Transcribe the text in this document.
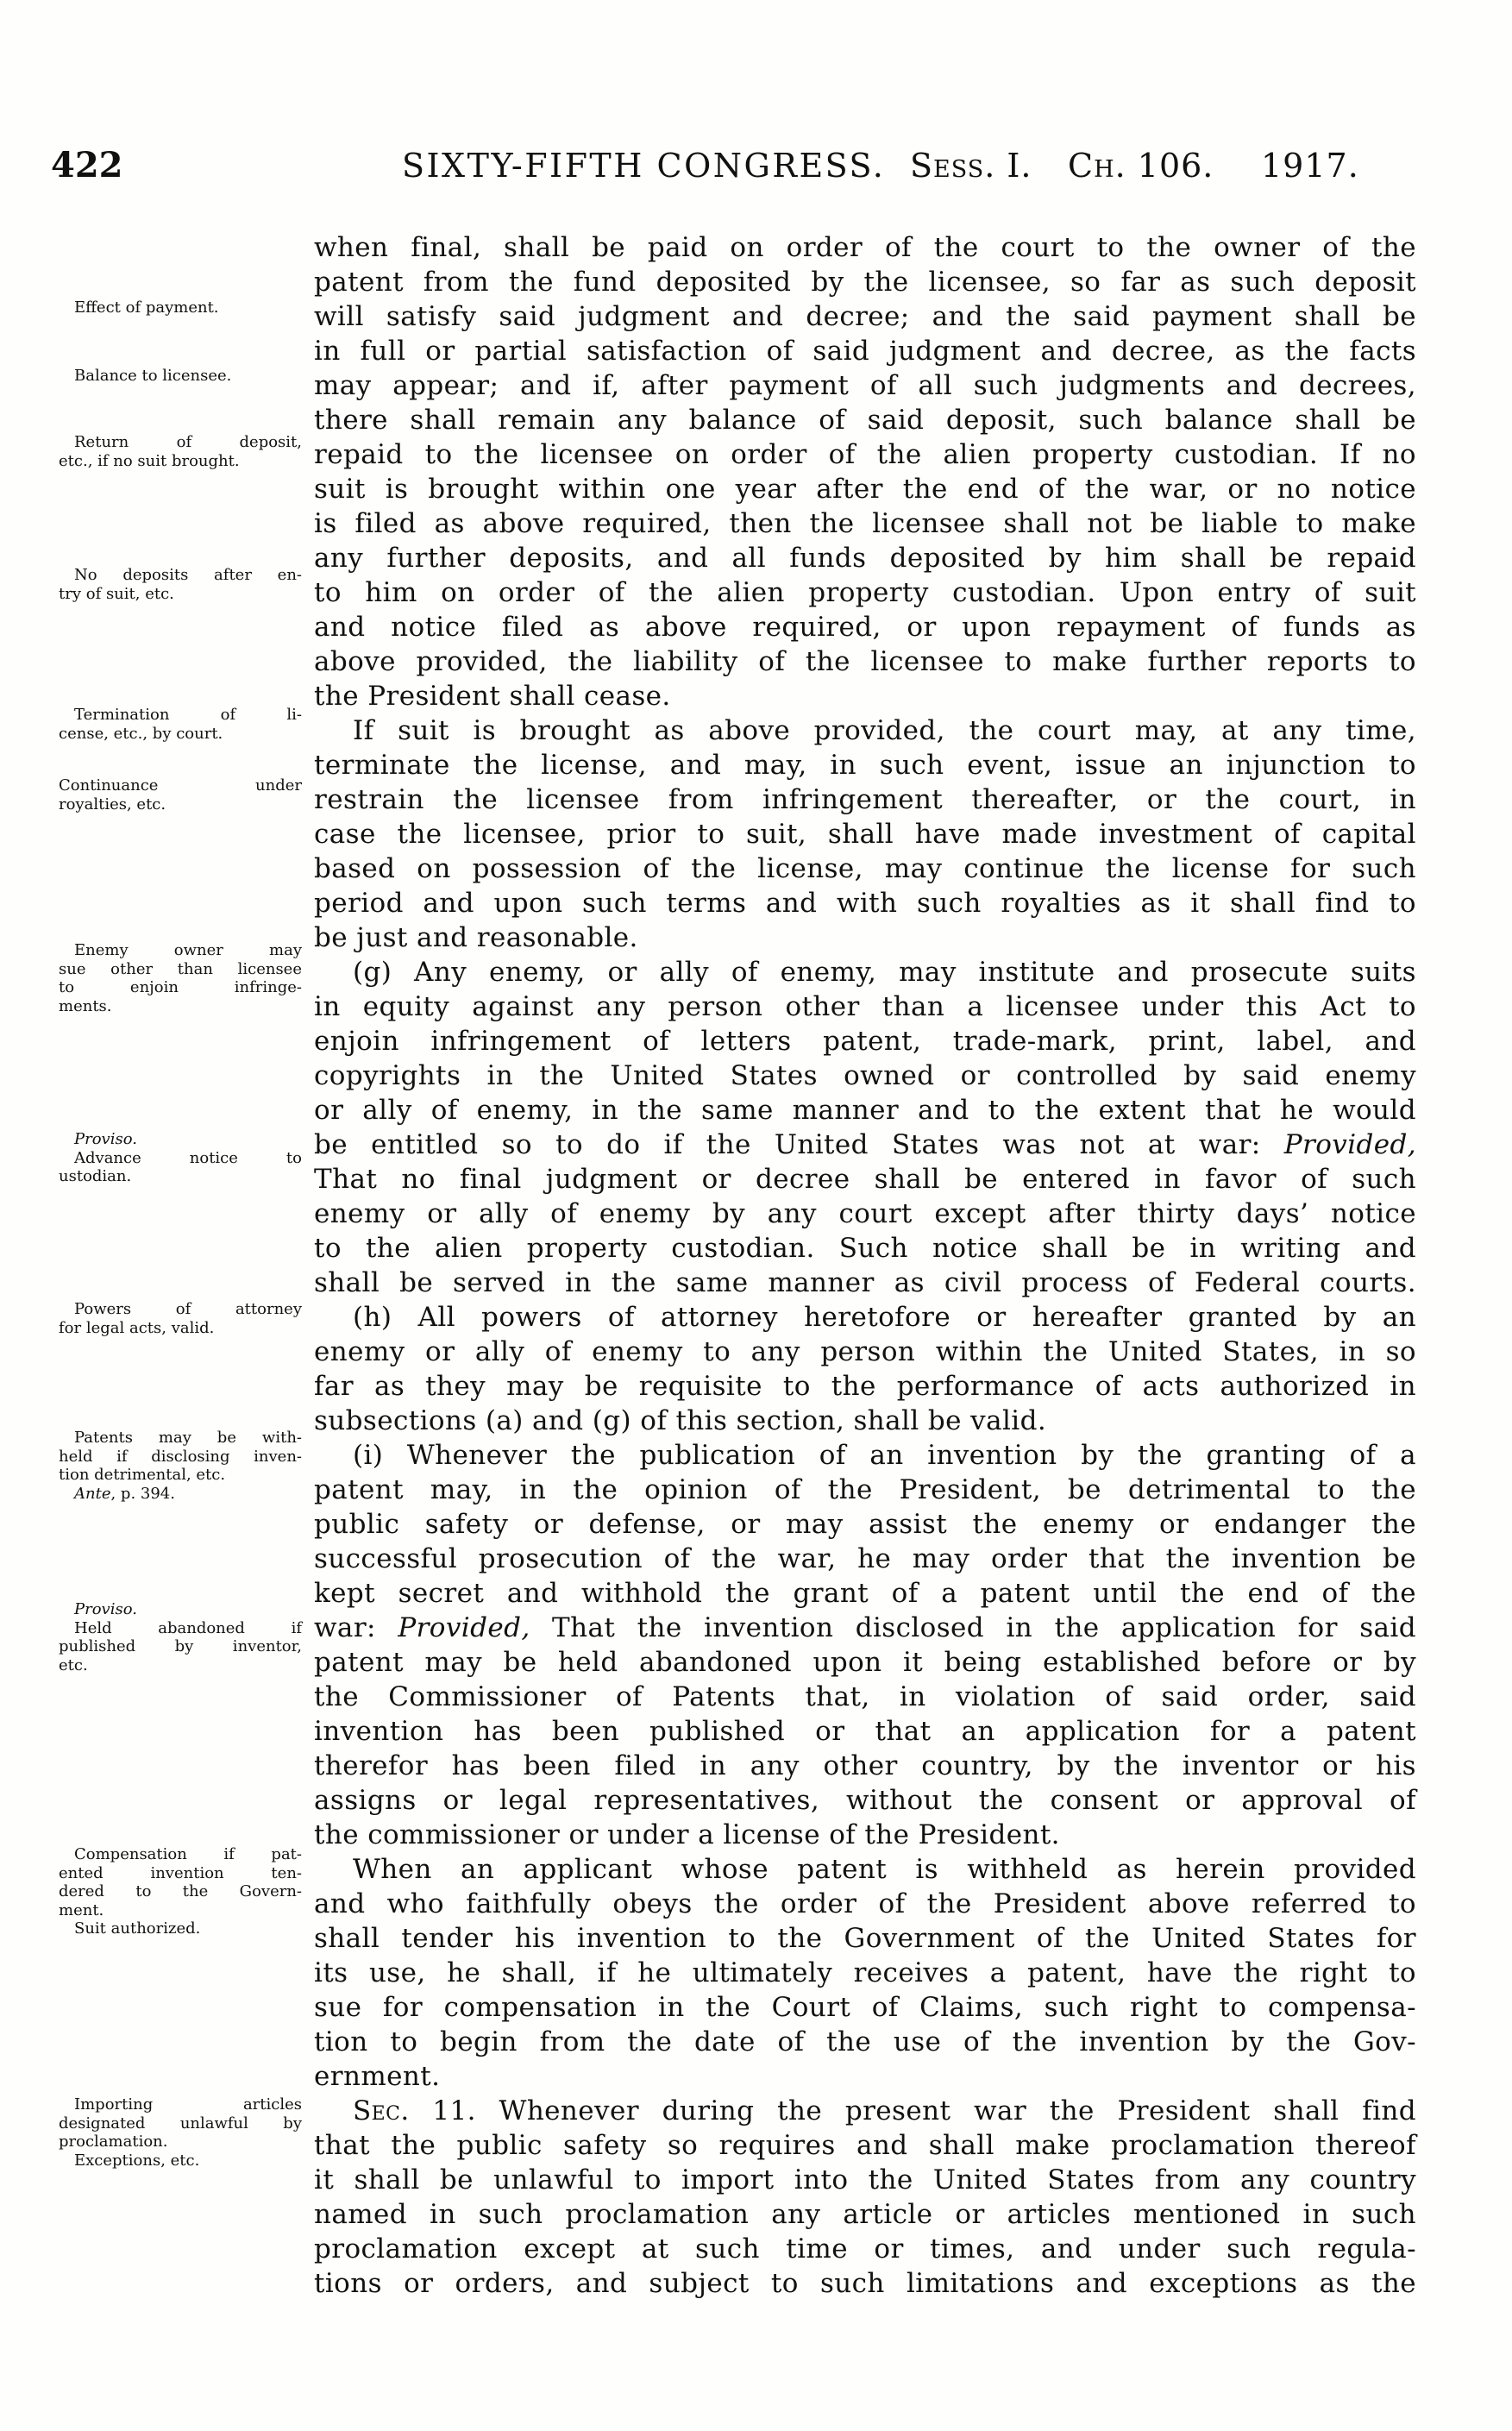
422	SIXTY-FIFTH CONGRESS. Sess. I. Ch. 106. 1917.
Effect of payment.
Balance to licensee.
Return of deposit,
etc., if no suit brought.
No deposits after en-
try of suit, etc.
Termination of li-
cense, etc., by court.
Continuance under
royalties, etc.
Enemy owner may
sue other than licensee
to enjoin infringe-
ments.
Proviso.
Advance notice to
ustodian.
Powers of attorney
for legal acts, valid.
Patents may be with-
held if disclosing inven-
tion detrimental, etc.
Ante, p. 394.
Proviso.
Held abandoned if
published by inventor,
etc.
Compensation if pat-
ented invention ten-
dered to the Govern-
ment.
Suit authorized.
Importing articles
designated unlawful by
proclamation.
Exceptions, etc.
when final, shall be paid on order of the court to the owner of the
patent from the fund deposited by the licensee, so far as such deposit
will satisfy said judgment and decree; and the said payment shall be
in full or partial satisfaction of said judgment and decree, as the facts
may appear; and if, after payment of all such judgments and decrees,
there shall remain any balance of said deposit, such balance shall be
repaid to the licensee on order of the alien property custodian. If no
suit is brought within one year after the end of the war, or no notice
is filed as above required, then the licensee shall not be liable to make
any further deposits, and all funds deposited by him shall be repaid
to him on order of the alien property custodian. Upon entry of suit
and notice filed as above required, or upon repayment of funds as
above provided, the liability of the licensee to make further reports to
the President shall cease.
If suit is brought as above provided, the court may, at any time,
terminate the license, and may, in such event, issue an injunction to
restrain the licensee from infringement thereafter, or the court, in
case the licensee, prior to suit, shall have made investment of capital
based on possession of the license, may continue the license for such
period and upon such terms and with such royalties as it shall find to
be just and reasonable.
(g) Any enemy, or ally of enemy, may institute and prosecute suits
in equity against any person other than a licensee under this Act to
enjoin infringement of letters patent, trade-mark, print, label, and
copyrights in the United States owned or controlled by said enemy
or ally of enemy, in the same manner and to the extent that he would
be entitled so to do if the United States was not at war: Provided,
That no final judgment or decree shall be entered in favor of such
enemy or ally of enemy by any court except after thirty days’ notice
to the alien property custodian. Such notice shall be in writing and
shall be served in the same manner as civil process of Federal courts.
(h) All powers of attorney heretofore or hereafter granted by an
enemy or ally of enemy to any person within the United States, in so
far as they may be requisite to the performance of acts authorized in
subsections (a) and (g) of this section, shall be valid.
(i) Whenever the publication of an invention by the granting of a
patent may, in the opinion of the President, be detrimental to the
public safety or defense, or may assist the enemy or endanger the
successful prosecution of the war, he may order that the invention be
kept secret and withhold the grant of a patent until the end of the
war: Provided, That the invention disclosed in the application for said
patent may be held abandoned upon it being established before or by
the Commissioner of Patents that, in violation of said order, said
invention has been published or that an application for a patent
therefor has been filed in any other country, by the inventor or his
assigns or legal representatives, without the consent or approval of
the commissioner or under a license of the President.
When an applicant whose patent is withheld as herein provided
and who faithfully obeys the order of the President above referred to
shall tender his invention to the Government of the United States for
its use, he shall, if he ultimately receives a patent, have the right to
sue for compensation in the Court of Claims, such right to compensa-
tion to begin from the date of the use of the invention by the Gov-
ernment.
Sec. 11. Whenever during the present war the President shall find
that the public safety so requires and shall make proclamation thereof
it shall be unlawful to import into the United States from any country
named in such proclamation any article or articles mentioned in such
proclamation except at such time or times, and under such regula-
tions or orders, and subject to such limitations and exceptions as the
